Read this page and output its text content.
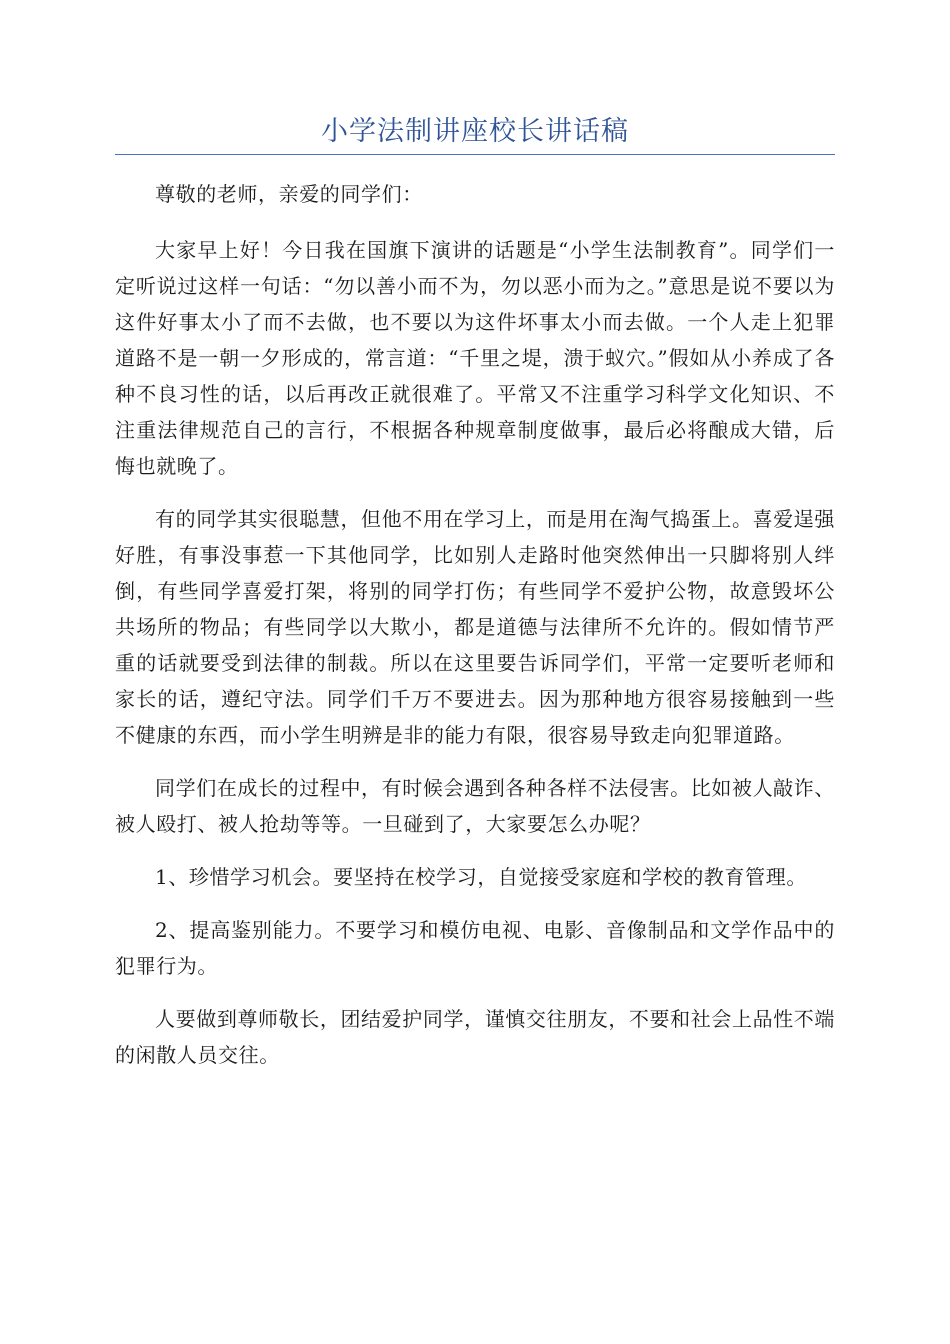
小学法制讲座校长讲话稿

尊敬的老师，亲爱的同学们：

大家早上好！今日我在国旗下演讲的话题是“小学生法制教育”。同学们一定听说过这样一句话：“勿以善小而不为，勿以恶小而为之。”意思是说不要以为这件好事太小了而不去做，也不要以为这件坏事太小而去做。一个人走上犯罪道路不是一朝一夕形成的，常言道：“千里之堤，溃于蚁穴。”假如从小养成了各种不良习性的话，以后再改正就很难了。平常又不注重学习科学文化知识、不注重法律规范自己的言行，不根据各种规章制度做事，最后必将酿成大错，后悔也就晚了。

有的同学其实很聪慧，但他不用在学习上，而是用在淘气捣蛋上。喜爱逞强好胜，有事没事惹一下其他同学，比如别人走路时他突然伸出一只脚将别人绊倒，有些同学喜爱打架，将别的同学打伤；有些同学不爱护公物，故意毁坏公共场所的物品；有些同学以大欺小，都是道德与法律所不允许的。假如情节严重的话就要受到法律的制裁。所以在这里要告诉同学们，平常一定要听老师和家长的话，遵纪守法。同学们千万不要进去。因为那种地方很容易接触到一些不健康的东西，而小学生明辨是非的能力有限，很容易导致走向犯罪道路。

同学们在成长的过程中，有时候会遇到各种各样不法侵害。比如被人敲诈、被人殴打、被人抢劫等等。一旦碰到了，大家要怎么办呢？

1、珍惜学习机会。要坚持在校学习，自觉接受家庭和学校的教育管理。

2、提高鉴别能力。不要学习和模仿电视、电影、音像制品和文学作品中的犯罪行为。

人要做到尊师敬长，团结爱护同学，谨慎交往朋友，不要和社会上品性不端的闲散人员交往。
